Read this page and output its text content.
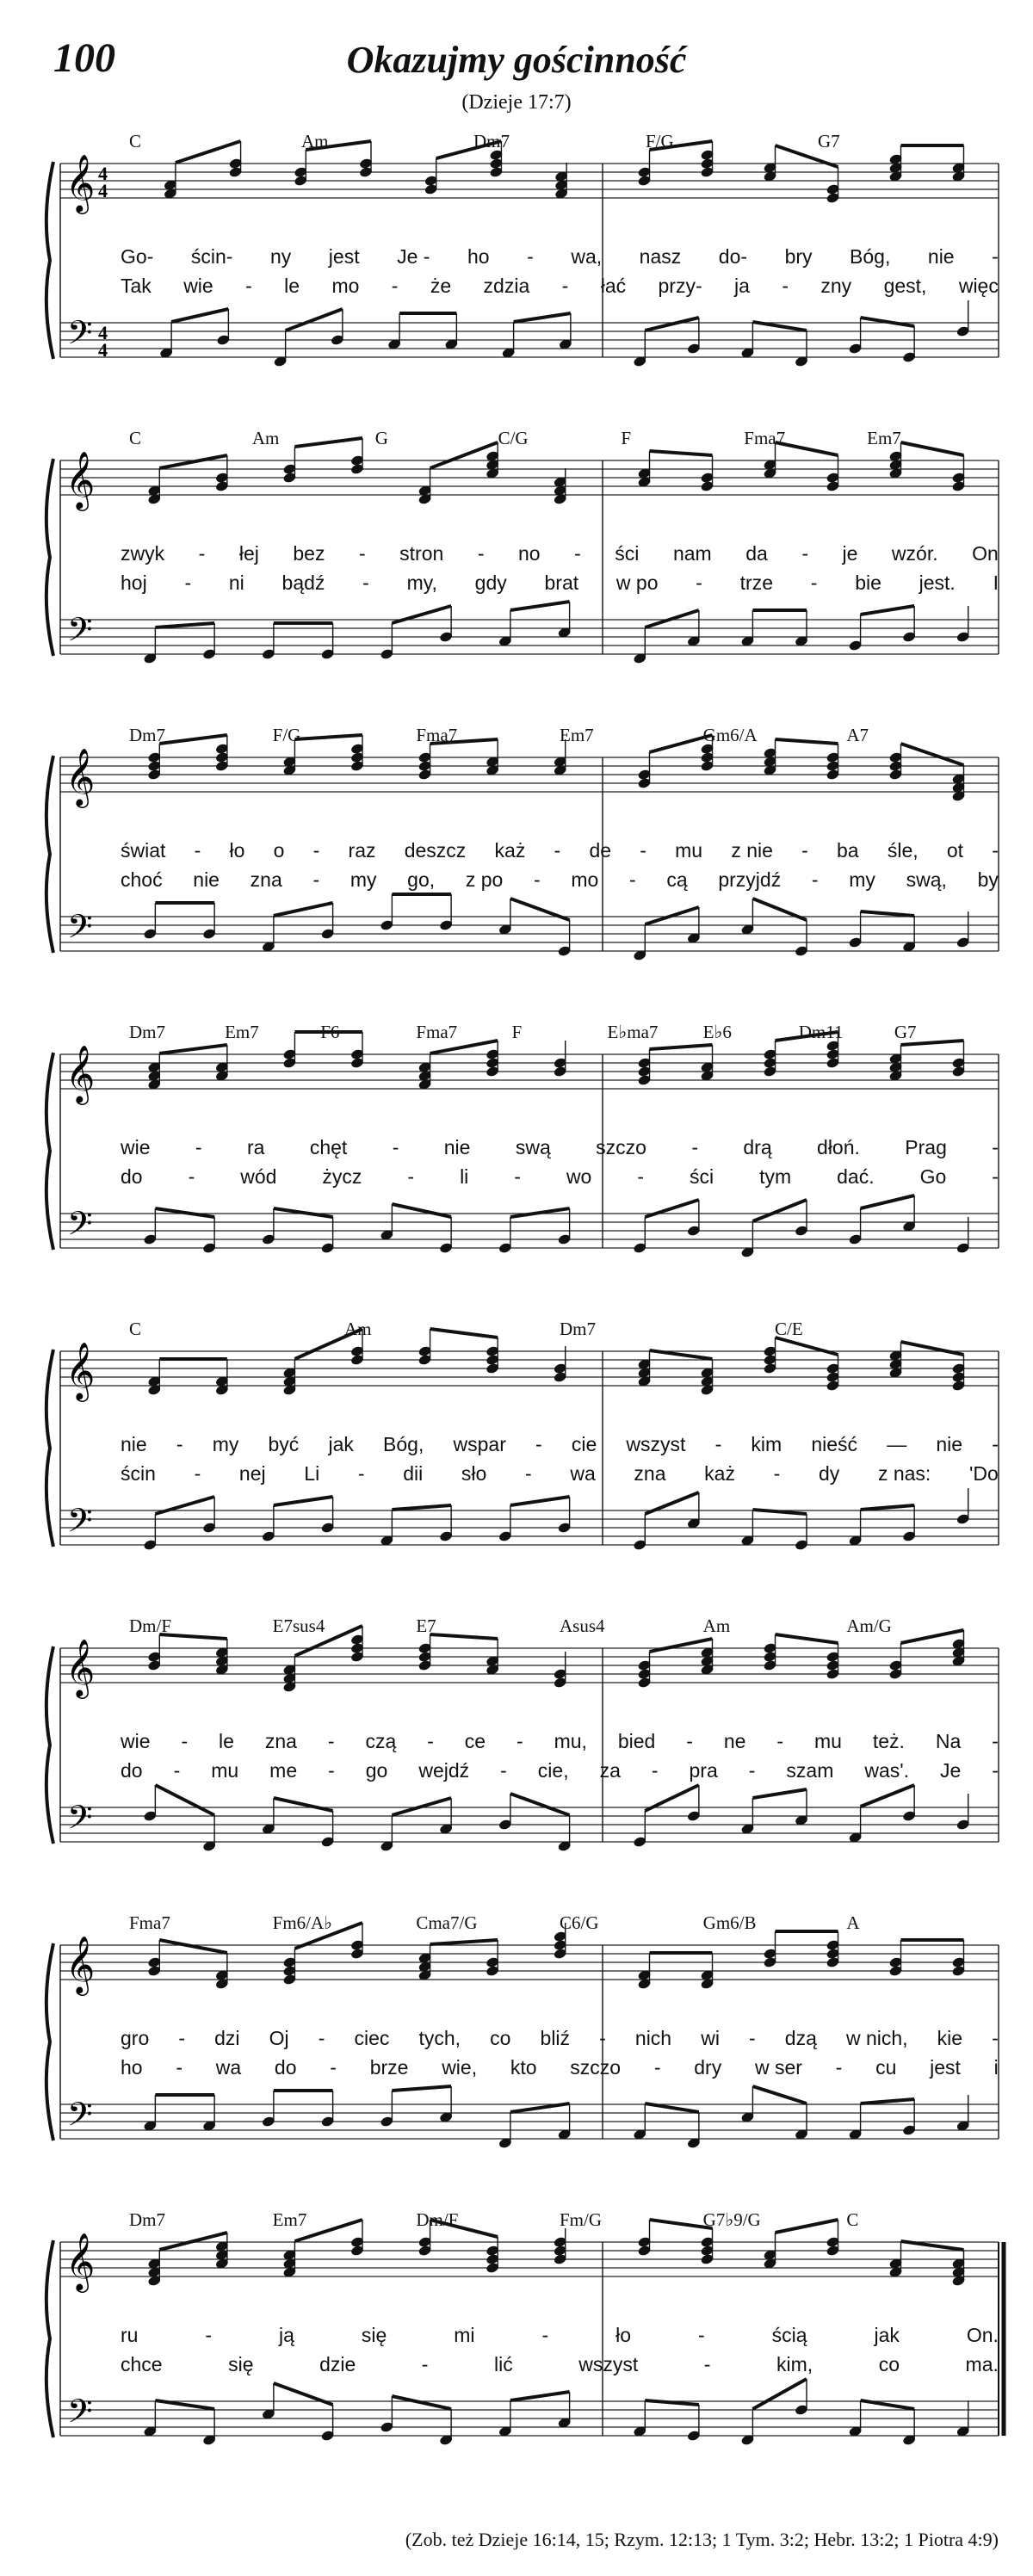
100	Okazujmy gościnność
(Dzieje 17:7)
𝄞
𝄢
4
4
4
4
C	Am	Dm7	F/G	G7
Go- ścin- ny jest Je - ho - wa, nasz do- bry Bóg, nie -
Tak wie - le mo - że zdzia - łać przy- ja - zny gest, więc
𝄞
𝄢
C	Am	G	C/G	F	Fma7	Em7
zwyk - łej bez - stron - no - ści nam da - je wzór. On
hoj - ni bądź - my, gdy brat w po - trze - bie jest. I
𝄞
𝄢
Dm7	F/G	Fma7	Em7	Gm6/A	A7
świat - ło o - raz deszcz każ - de - mu z nie - ba śle, ot -
choć nie zna - my go, z po - mo - cą przyjdź - my swą, by
𝄞
𝄢
Dm7	Em7	F6	Fma7	F	E♭ma7 E♭6	Dm11	G7
wie - ra chęt - nie swą szczo - drą dłoń. Prag -
do - wód życz - li - wo - ści tym dać. Go -
𝄞
𝄢
C	Am	Dm7	C/E
nie - my być jak Bóg, wspar - cie wszyst - kim nieść — nie -
ścin - nej Li - dii sło - wa zna każ - dy z nas: 'Do
𝄞
𝄢
Dm/F	E7sus4	E7	Asus4	Am	Am/G
wie - le zna - czą - ce - mu, bied - ne - mu też. Na -
do - mu me - go wejdź - cie, za - pra - szam was'. Je -
𝄞
𝄢
Fma7	Fm6/A♭	Cma7/G	C6/G	Gm6/B	A
gro - dzi Oj - ciec tych, co bliź - nich wi - dzą w nich, kie -
ho - wa do - brze wie, kto szczo - dry w ser - cu jest i
𝄞
𝄢
Dm7	Em7	Dm/F	Fm/G	G7♭9/G	C
ru	-	ją	się	mi	-	ło	-	ścią	jak	On.
chce	się	dzie	-	lić	wszyst	-	kim,	co	ma.
(Zob. też Dzieje 16:14, 15; Rzym. 12:13; 1 Tym. 3:2; Hebr. 13:2; 1 Piotra 4:9)
